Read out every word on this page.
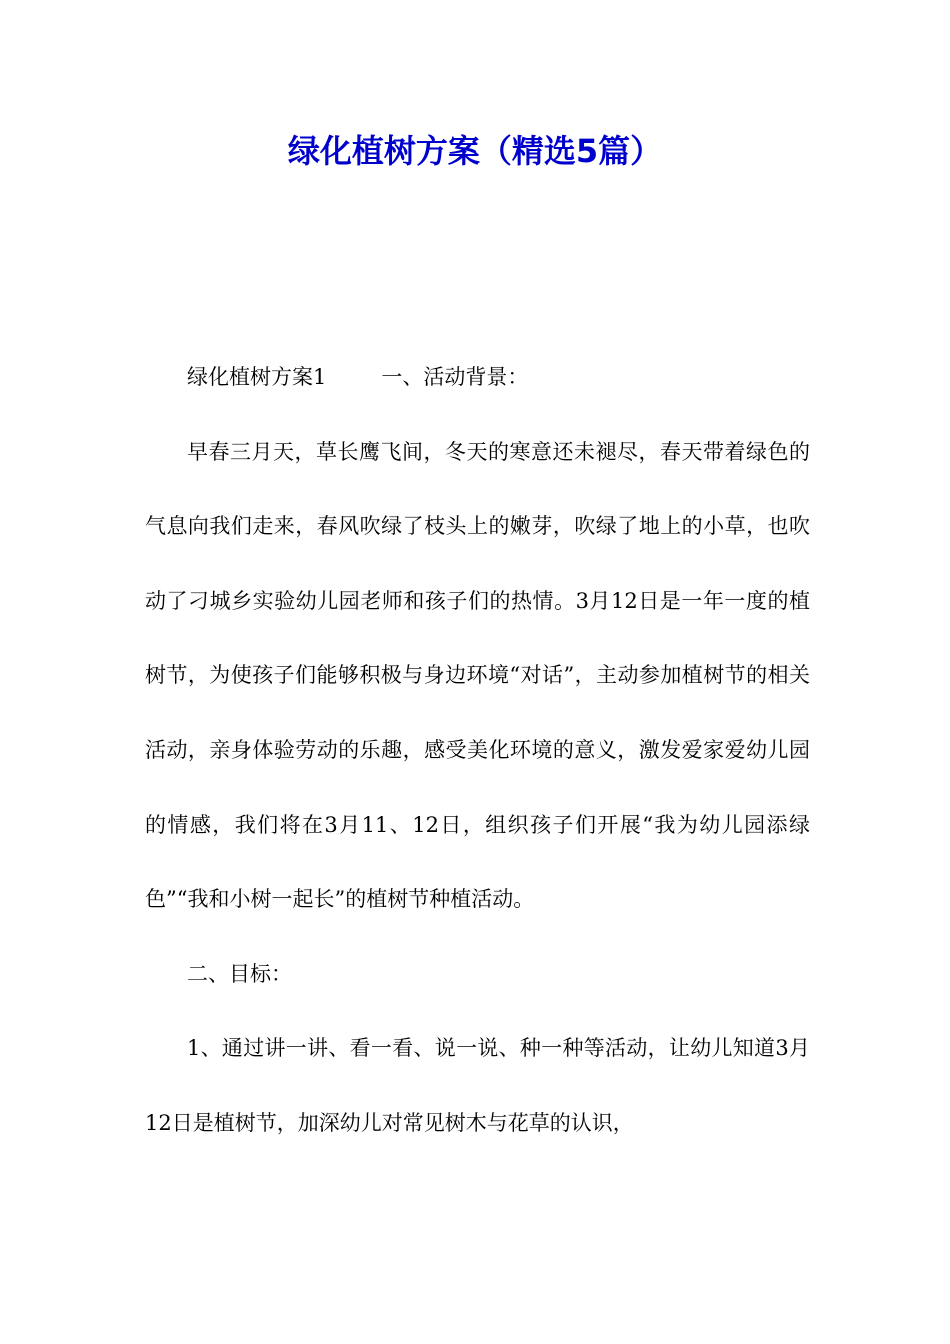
绿化植树方案（精选5篇）

绿化植树方案1	一、活动背景：

早春三月天，草长鹰飞间，冬天的寒意还未褪尽，春天带着绿色的气息向我们走来，春风吹绿了枝头上的嫩芽，吹绿了地上的小草，也吹动了刁城乡实验幼儿园老师和孩子们的热情。3月12日是一年一度的植树节，为使孩子们能够积极与身边环境“对话”，主动参加植树节的相关活动，亲身体验劳动的乐趣，感受美化环境的意义，激发爱家爱幼儿园的情感，我们将在3月11、12日，组织孩子们开展“我为幼儿园添绿色”“我和小树一起长”的植树节种植活动。

二、目标：

1、通过讲一讲、看一看、说一说、种一种等活动，让幼儿知道3月12日是植树节，加深幼儿对常见树木与花草的认识，
